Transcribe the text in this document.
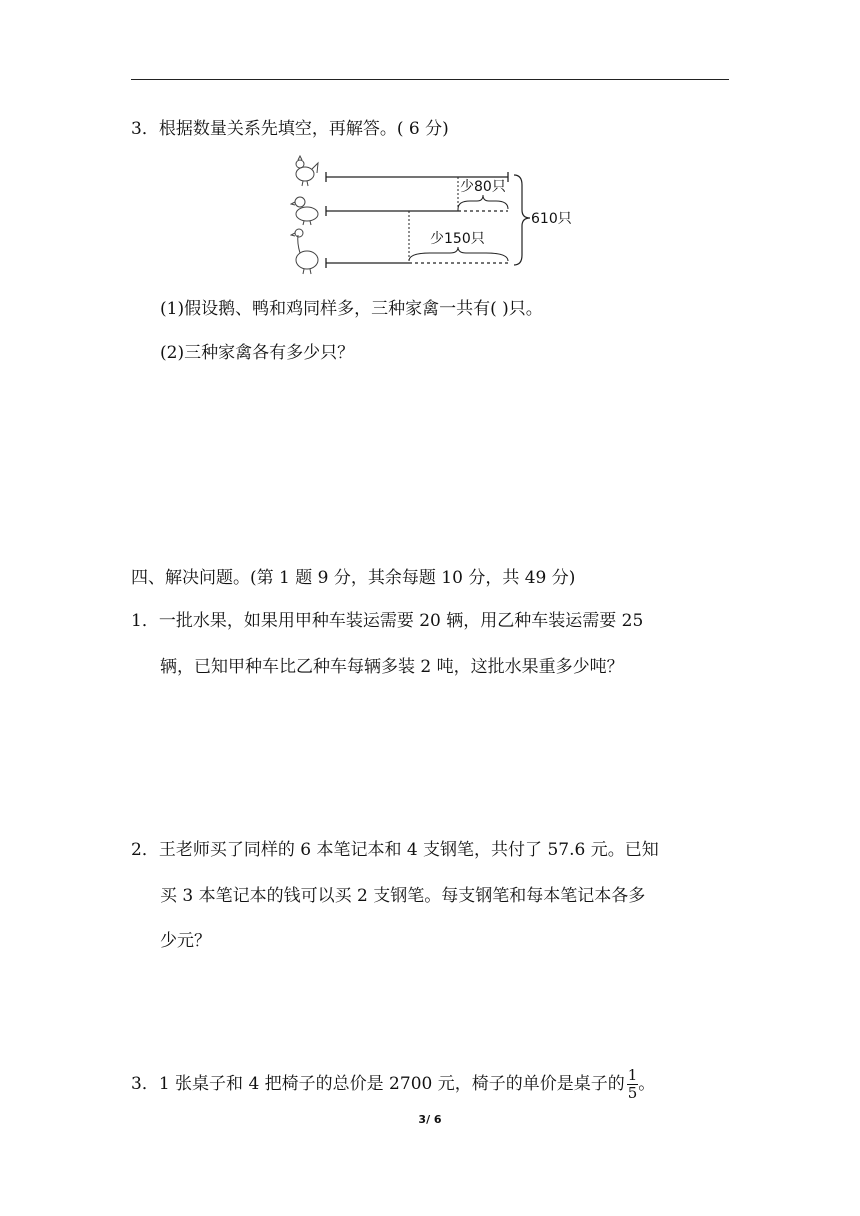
3．根据数量关系先填空，再解答。( 6 分)
少80只
少150只
610只
(1)假设鹅、鸭和鸡同样多，三种家禽一共有( )只。
(2)三种家禽各有多少只？
四、解决问题。(第 1 题 9 分，其余每题 10 分，共 49 分)
1．一批水果，如果用甲种车装运需要 20 辆，用乙种车装运需要 25
辆，已知甲种车比乙种车每辆多装 2 吨，这批水果重多少吨？
2．王老师买了同样的 6 本笔记本和 4 支钢笔，共付了 57.6 元。已知
买 3 本笔记本的钱可以买 2 支钢笔。每支钢笔和每本笔记本各多
少元？
3．1 张桌子和 4 把椅子的总价是 2700 元，椅子的单价是桌子的 $\frac{1}{5}$ 。
3/ 6
